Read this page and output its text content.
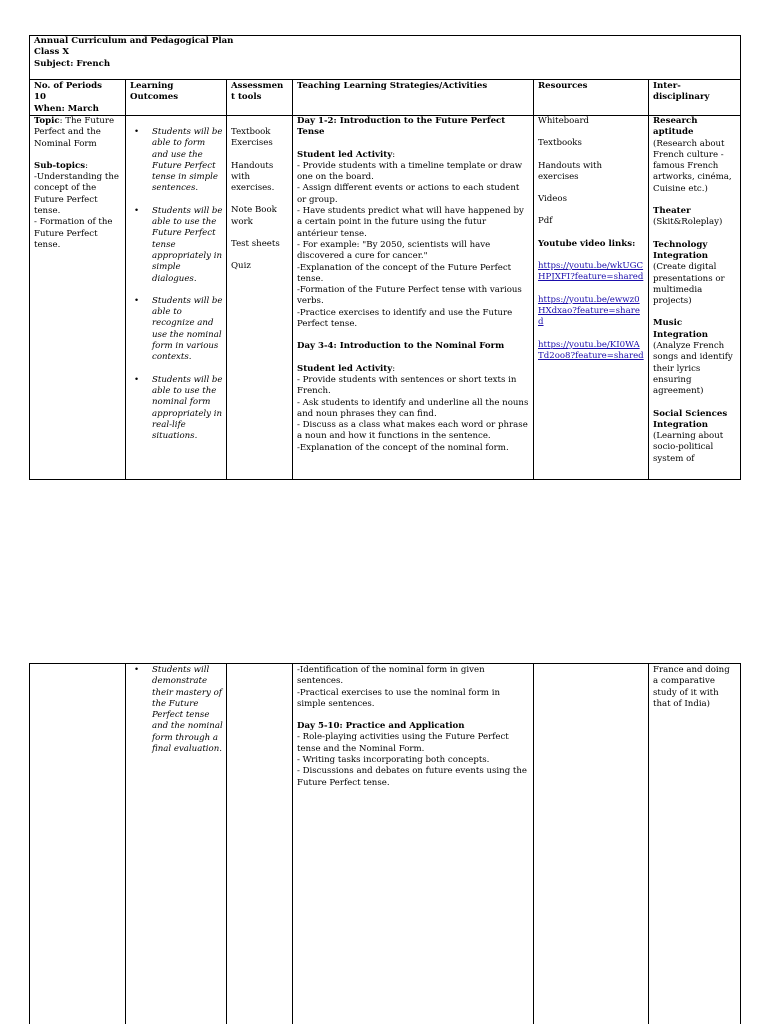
Annual Curriculum and Pedagogical Plan
Class X
Subject: French
No. of Periods
10
When: March
Learning
Outcomes
Assessmen
t tools
Teaching Learning Strategies/Activities	Resources	Inter-
disciplinary

Topic: The Future Perfect and the Nominal Form

Sub-topics:

-Understanding the concept of the Future Perfect tense.

- Formation of the Future Perfect tense.

• Students will be able to form and use the Future Perfect tense in simple sentences.
• Students will be able to use the Future Perfect tense appropriately in simple dialogues.
• Students will be able to recognize and use the nominal form in various contexts.
• Students will be able to use the nominal form appropriately in real-life situations.

Textbook Exercises

Handouts with exercises.

Note Book work

Test sheets

Quiz

Day 1-2: Introduction to the Future Perfect Tense

Student led Activity:

- Provide students with a timeline template or draw one on the board.

- Assign different events or actions to each student or group.

- Have students predict what will have happened by a certain point in the future using the futur antérieur tense.

- For example: "By 2050, scientists will have discovered a cure for cancer."

-Explanation of the concept of the Future Perfect tense.

-Formation of the Future Perfect tense with various verbs.

-Practice exercises to identify and use the Future Perfect tense.

Day 3-4: Introduction to the Nominal Form

Student led Activity:

- Provide students with sentences or short texts in French.

- Ask students to identify and underline all the nouns and noun phrases they can find.

- Discuss as a class what makes each word or phrase a noun and how it functions in the sentence.

-Explanation of the concept of the nominal form.

Whiteboard

Textbooks

Handouts with exercises

Videos

Pdf

Youtube video links:

https://youtu.be/wkUGCHPJXFI?feature=shared

https://youtu.be/ewwz0HXdxao?feature=shared

https://youtu.be/KI0WATd2oo8?feature=shared

Research aptitude

(Research about French culture - famous French artworks, cinéma, Cuisine etc.)

Theater

(Skit&Roleplay)

Technology Integration

(Create digital presentations or multimedia projects)

Music Integration

(Analyze French songs and identify their lyrics ensuring agreement)

Social Sciences Integration

(Learning about socio-political system of

• Students will demonstrate their mastery of the Future Perfect tense and the nominal form through a final evaluation.

-Identification of the nominal form in given sentences.

-Practical exercises to use the nominal form in simple sentences.

Day 5-10: Practice and Application

- Role-playing activities using the Future Perfect tense and the Nominal Form.

- Writing tasks incorporating both concepts.

- Discussions and debates on future events using the Future Perfect tense.

France and doing a comparative study of it with that of India)
